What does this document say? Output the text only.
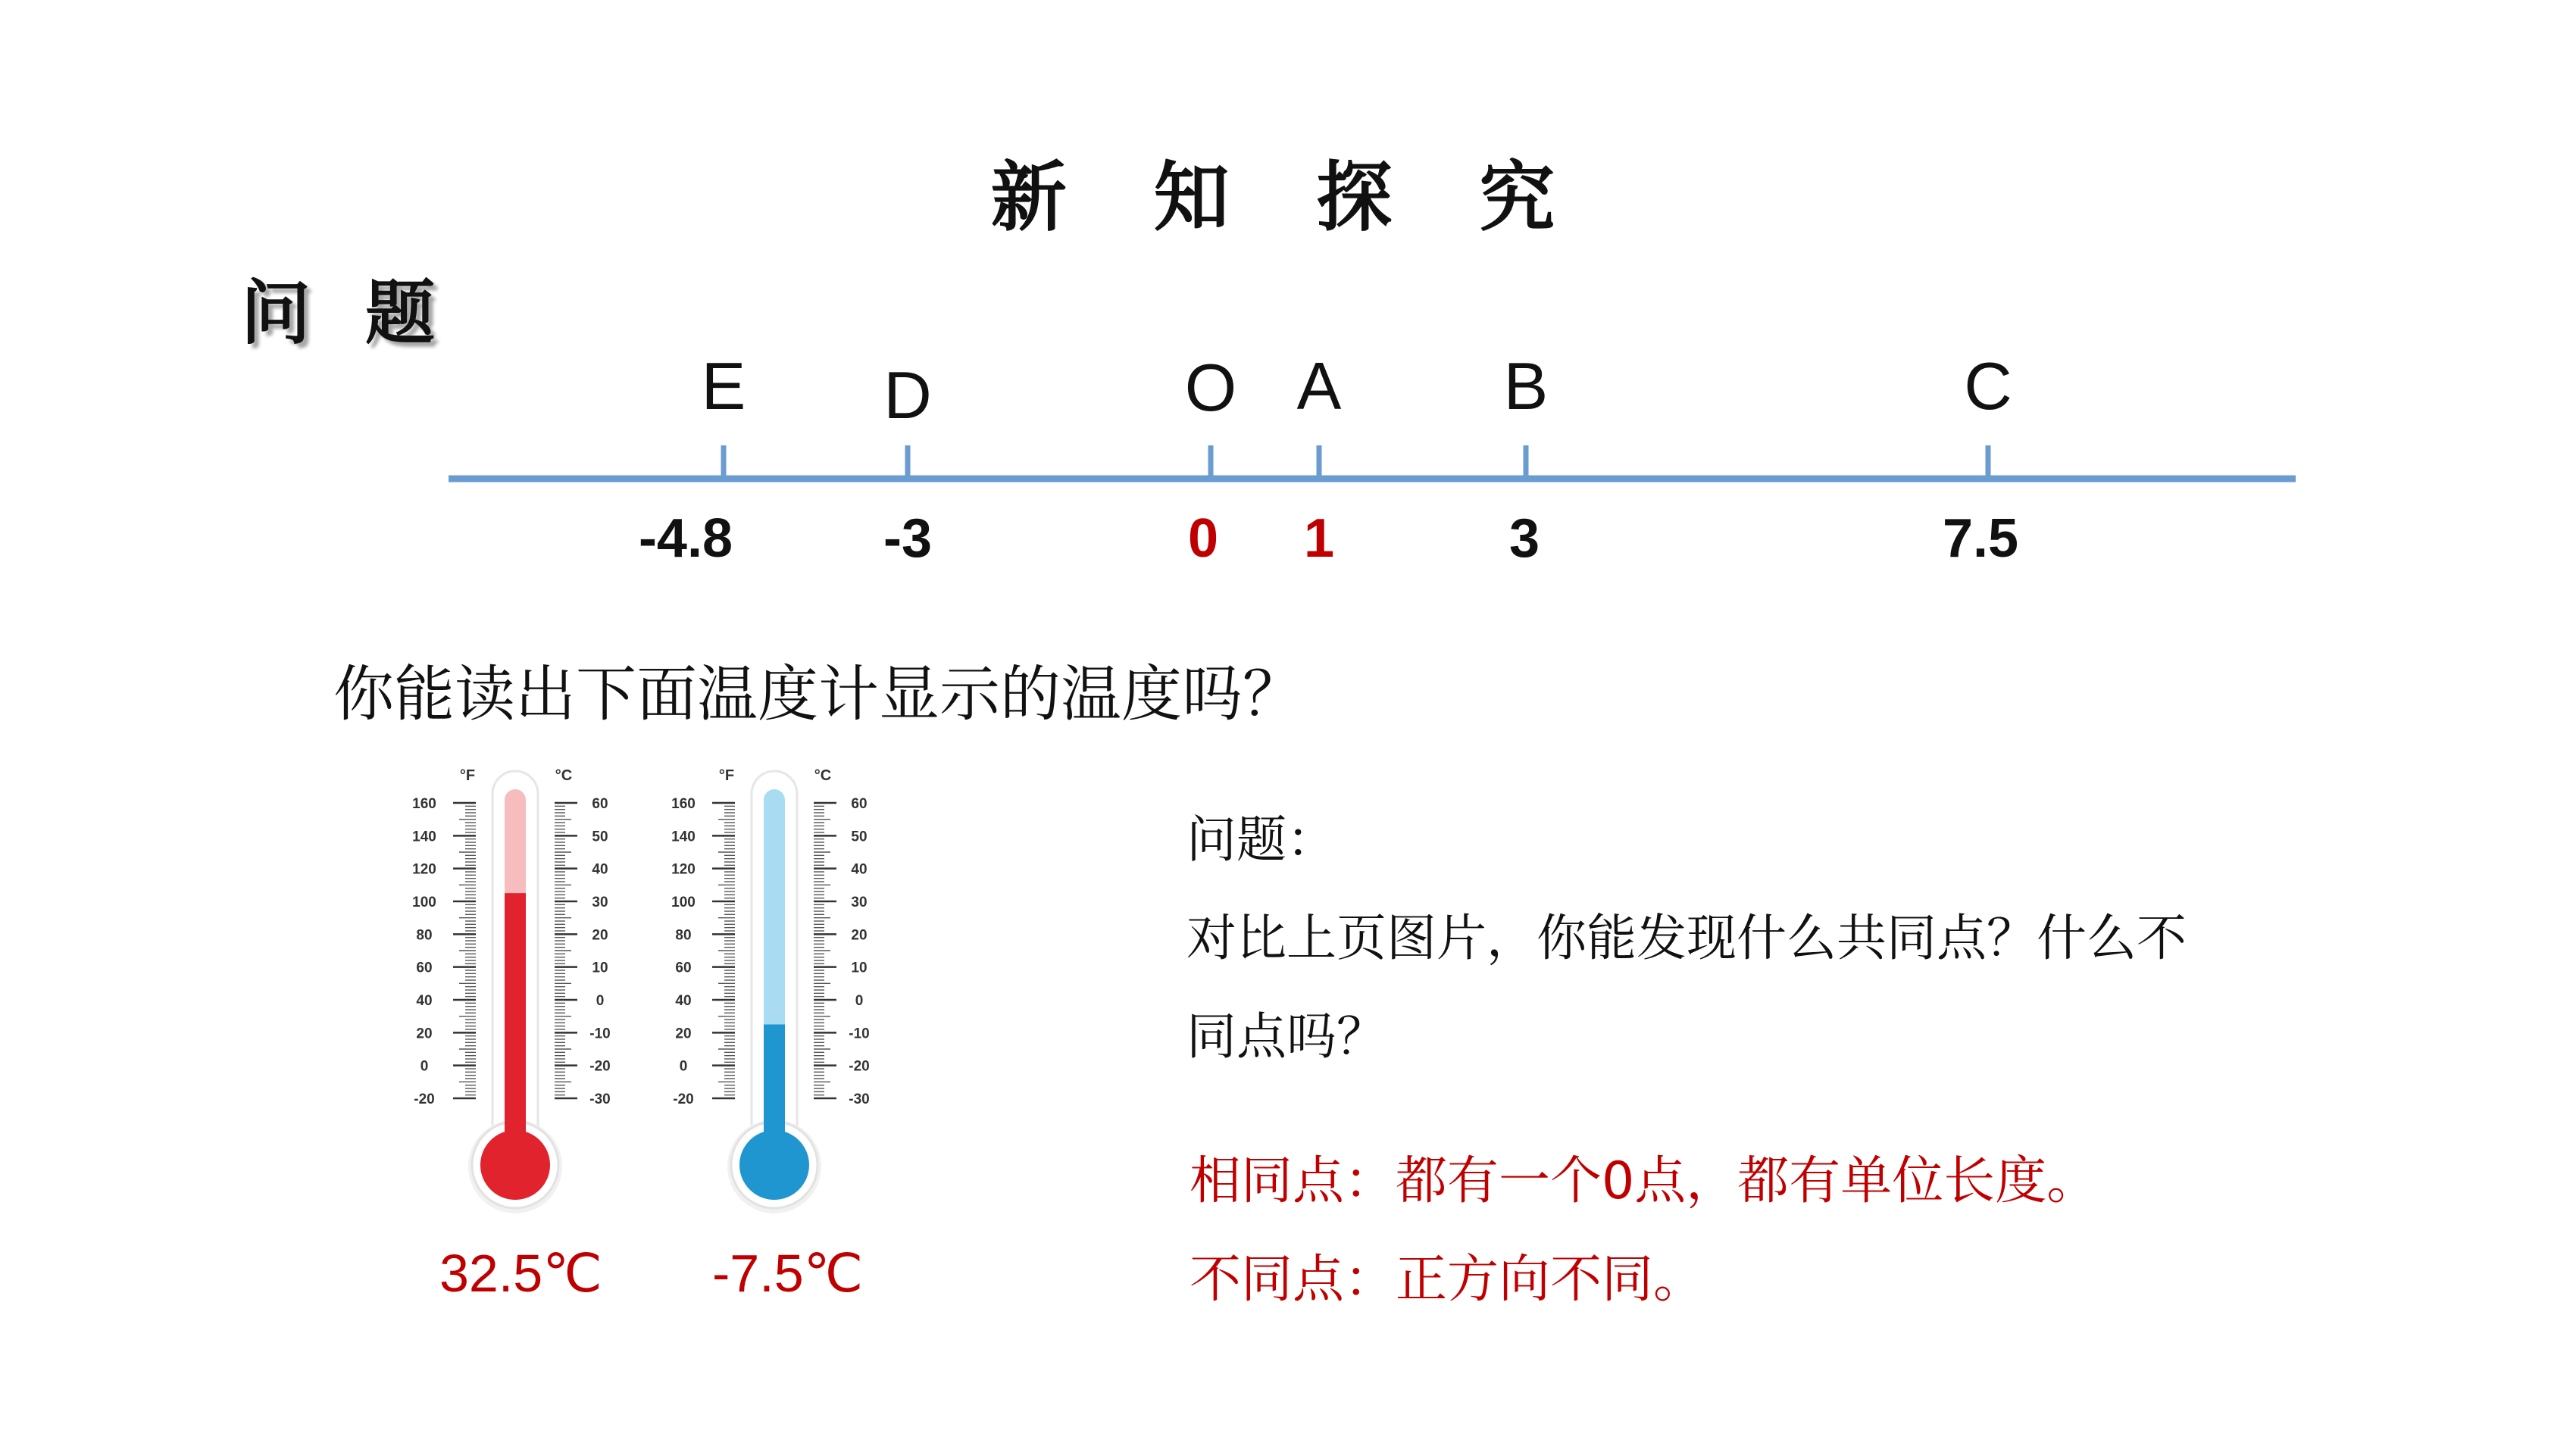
新 知 探 究
问 题
E
-4.8
D
-3
O
0
A
1
B
3
C
7.5
你能读出下面温度计显示的温度吗？
°F	°C
160	60
140	50
120	40
100	30
80	20
60	10
40	0
20	-10
0	-20
-20	-30
°F	°C
160	60
140	50
120	40
100	30
80	20
60	10
40	0
20	-10
0	-20
-20	-30
32.5℃ -7.5℃
问题：
对比上页图片，你能发现什么共同点？什么不
同点吗？
相同点：都有一个0点，都有单位长度。
不同点：正方向不同。
